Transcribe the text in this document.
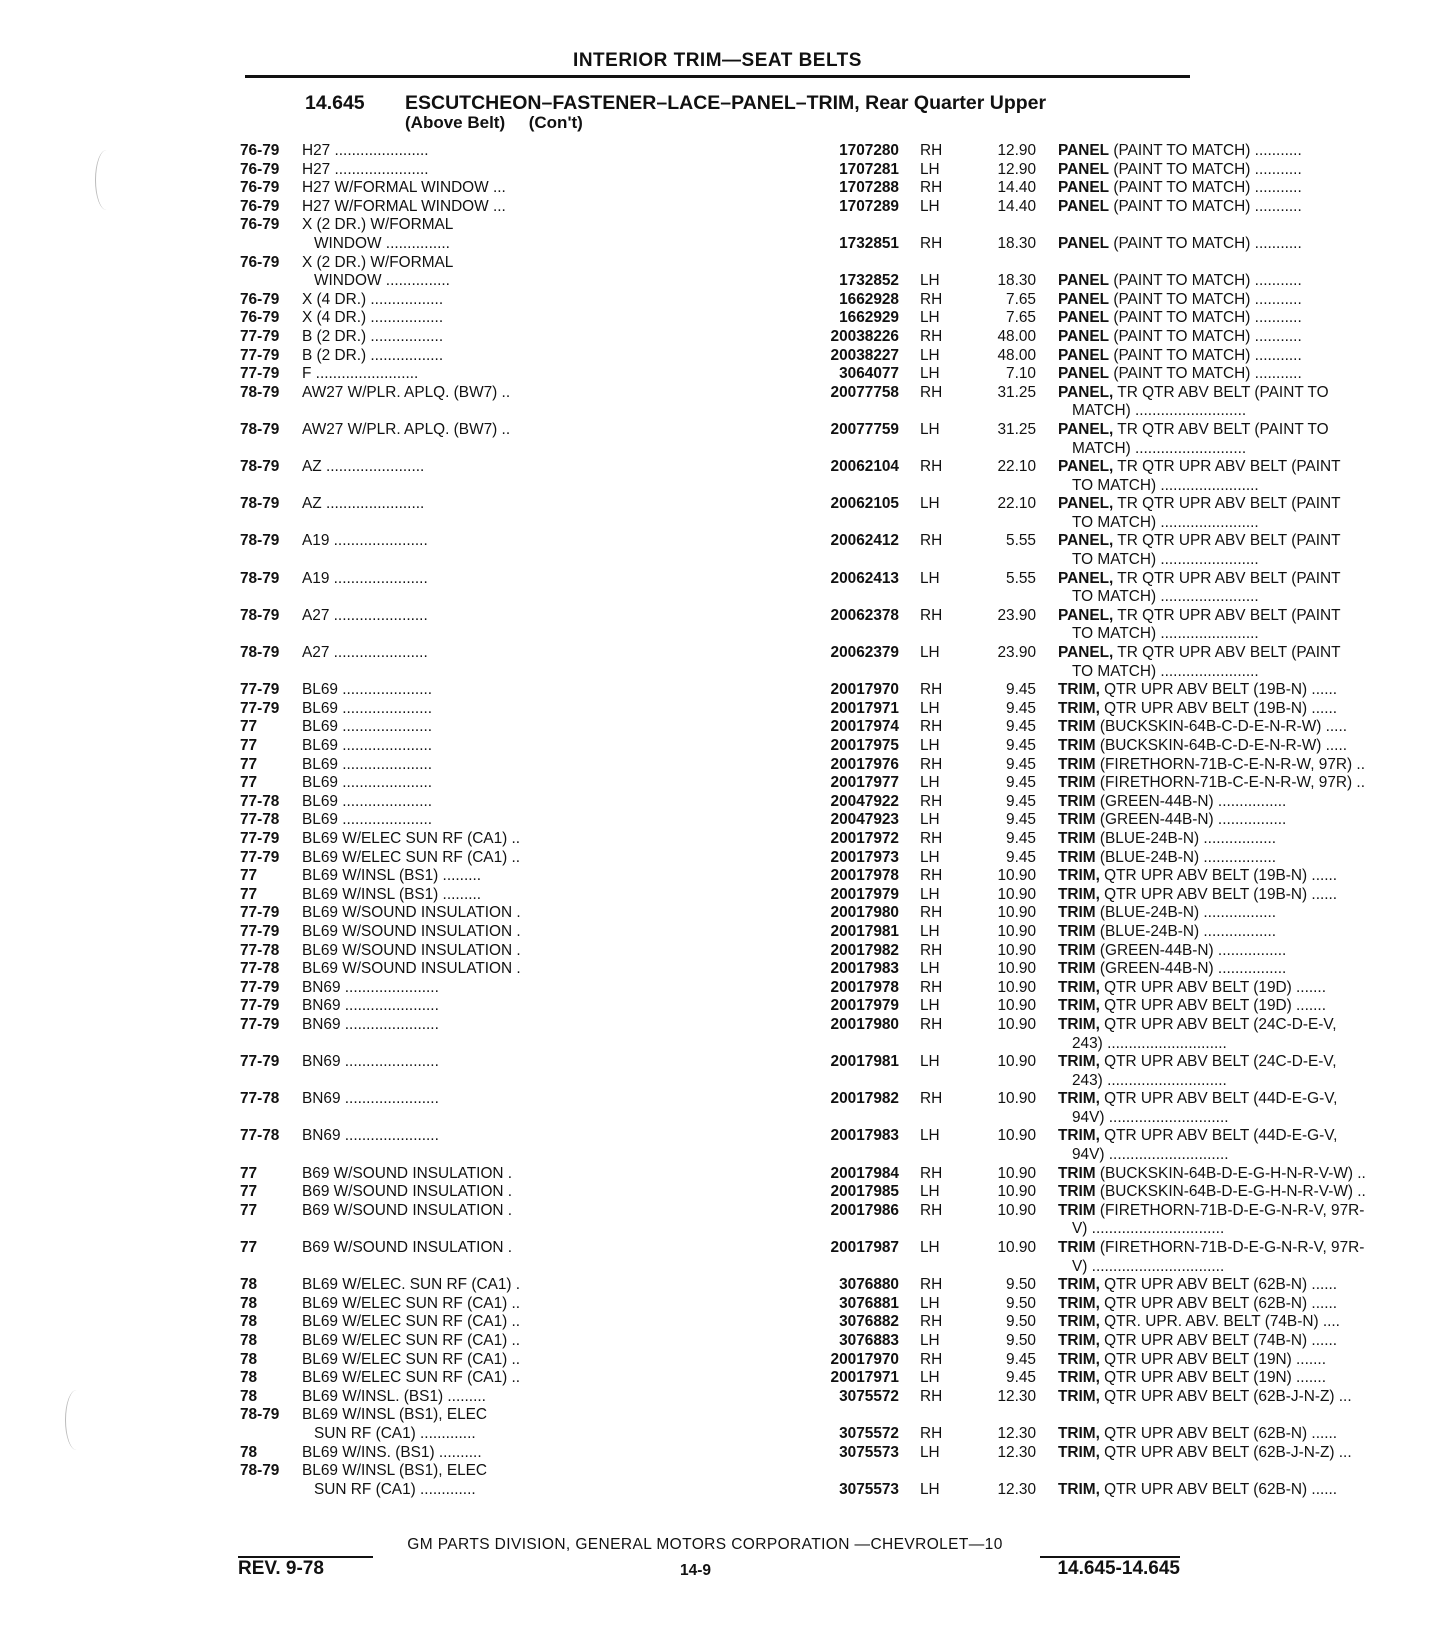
INTERIOR TRIM—SEAT BELTS
14.645 ESCUTCHEON–FASTENER–LACE–PANEL–TRIM, Rear Quarter Upper
(Above Belt)     (Con't)
76-79	H27 ......................	1707280 RH	12.90 PANEL (PAINT TO MATCH) ...........
76-79	H27 ......................	1707281 LH	12.90 PANEL (PAINT TO MATCH) ...........
76-79	H27 W/FORMAL WINDOW ...	1707288 RH	14.40 PANEL (PAINT TO MATCH) ...........
76-79	H27 W/FORMAL WINDOW ...	1707289 LH	14.40 PANEL (PAINT TO MATCH) ...........
76-79	X (2 DR.) W/FORMAL
WINDOW ...............	1732851 RH	18.30 PANEL (PAINT TO MATCH) ...........
76-79	X (2 DR.) W/FORMAL
WINDOW ...............	1732852 LH	18.30 PANEL (PAINT TO MATCH) ...........
76-79	X (4 DR.) .................	1662928 RH	7.65 PANEL (PAINT TO MATCH) ...........
76-79	X (4 DR.) .................	1662929 LH	7.65 PANEL (PAINT TO MATCH) ...........
77-79	B (2 DR.) .................	20038226 RH	48.00 PANEL (PAINT TO MATCH) ...........
77-79	B (2 DR.) .................	20038227 LH	48.00 PANEL (PAINT TO MATCH) ...........
77-79	F ........................	3064077 LH	7.10 PANEL (PAINT TO MATCH) ...........
78-79	AW27 W/PLR. APLQ. (BW7) ..	20077758 RH	31.25 PANEL, TR QTR ABV BELT (PAINT TO
MATCH) ..........................
78-79	AW27 W/PLR. APLQ. (BW7) ..	20077759 LH	31.25 PANEL, TR QTR ABV BELT (PAINT TO
MATCH) ..........................
78-79	AZ .......................	20062104 RH	22.10 PANEL, TR QTR UPR ABV BELT (PAINT
TO MATCH) .......................
78-79	AZ .......................	20062105 LH	22.10 PANEL, TR QTR UPR ABV BELT (PAINT
TO MATCH) .......................
78-79	A19 ......................	20062412 RH	5.55 PANEL, TR QTR UPR ABV BELT (PAINT
TO MATCH) .......................
78-79	A19 ......................	20062413 LH	5.55 PANEL, TR QTR UPR ABV BELT (PAINT
TO MATCH) .......................
78-79	A27 ......................	20062378 RH	23.90 PANEL, TR QTR UPR ABV BELT (PAINT
TO MATCH) .......................
78-79	A27 ......................	20062379 LH	23.90 PANEL, TR QTR UPR ABV BELT (PAINT
TO MATCH) .......................
77-79	BL69 .....................	20017970 RH	9.45 TRIM, QTR UPR ABV BELT (19B-N) ......
77-79	BL69 .....................	20017971 LH	9.45 TRIM, QTR UPR ABV BELT (19B-N) ......
77	BL69 .....................	20017974 RH	9.45 TRIM (BUCKSKIN-64B-C-D-E-N-R-W) .....
77	BL69 .....................	20017975 LH	9.45 TRIM (BUCKSKIN-64B-C-D-E-N-R-W) .....
77	BL69 .....................	20017976 RH	9.45 TRIM (FIRETHORN-71B-C-E-N-R-W, 97R) ..
77	BL69 .....................	20017977 LH	9.45 TRIM (FIRETHORN-71B-C-E-N-R-W, 97R) ..
77-78	BL69 .....................	20047922 RH	9.45 TRIM (GREEN-44B-N) ................
77-78	BL69 .....................	20047923 LH	9.45 TRIM (GREEN-44B-N) ................
77-79	BL69 W/ELEC SUN RF (CA1) ..	20017972 RH	9.45 TRIM (BLUE-24B-N) .................
77-79	BL69 W/ELEC SUN RF (CA1) ..	20017973 LH	9.45 TRIM (BLUE-24B-N) .................
77	BL69 W/INSL (BS1) .........	20017978 RH	10.90 TRIM, QTR UPR ABV BELT (19B-N) ......
77	BL69 W/INSL (BS1) .........	20017979 LH	10.90 TRIM, QTR UPR ABV BELT (19B-N) ......
77-79	BL69 W/SOUND INSULATION .	20017980 RH	10.90 TRIM (BLUE-24B-N) .................
77-79	BL69 W/SOUND INSULATION .	20017981 LH	10.90 TRIM (BLUE-24B-N) .................
77-78	BL69 W/SOUND INSULATION .	20017982 RH	10.90 TRIM (GREEN-44B-N) ................
77-78	BL69 W/SOUND INSULATION .	20017983 LH	10.90 TRIM (GREEN-44B-N) ................
77-79	BN69 ......................	20017978 RH	10.90 TRIM, QTR UPR ABV BELT (19D) .......
77-79	BN69 ......................	20017979 LH	10.90 TRIM, QTR UPR ABV BELT (19D) .......
77-79	BN69 ......................	20017980 RH	10.90 TRIM, QTR UPR ABV BELT (24C-D-E-V,
243) ............................
77-79	BN69 ......................	20017981 LH	10.90 TRIM, QTR UPR ABV BELT (24C-D-E-V,
243) ............................
77-78	BN69 ......................	20017982 RH	10.90 TRIM, QTR UPR ABV BELT (44D-E-G-V,
94V) ............................
77-78	BN69 ......................	20017983 LH	10.90 TRIM, QTR UPR ABV BELT (44D-E-G-V,
94V) ............................
77	B69 W/SOUND INSULATION .	20017984 RH	10.90 TRIM (BUCKSKIN-64B-D-E-G-H-N-R-V-W) ..
77	B69 W/SOUND INSULATION .	20017985 LH	10.90 TRIM (BUCKSKIN-64B-D-E-G-H-N-R-V-W) ..
77	B69 W/SOUND INSULATION .	20017986 RH	10.90 TRIM (FIRETHORN-71B-D-E-G-N-R-V, 97R-
V) ...............................
77	B69 W/SOUND INSULATION .	20017987 LH	10.90 TRIM (FIRETHORN-71B-D-E-G-N-R-V, 97R-
V) ...............................
78	BL69 W/ELEC. SUN RF (CA1) .	3076880 RH	9.50 TRIM, QTR UPR ABV BELT (62B-N) ......
78	BL69 W/ELEC SUN RF (CA1) ..	3076881 LH	9.50 TRIM, QTR UPR ABV BELT (62B-N) ......
78	BL69 W/ELEC SUN RF (CA1) ..	3076882 RH	9.50 TRIM, QTR. UPR. ABV. BELT (74B-N) ....
78	BL69 W/ELEC SUN RF (CA1) ..	3076883 LH	9.50 TRIM, QTR UPR ABV BELT (74B-N) ......
78	BL69 W/ELEC SUN RF (CA1) ..	20017970 RH	9.45 TRIM, QTR UPR ABV BELT (19N) .......
78	BL69 W/ELEC SUN RF (CA1) ..	20017971 LH	9.45 TRIM, QTR UPR ABV BELT (19N) .......
78	BL69 W/INSL. (BS1) .........	3075572 RH	12.30 TRIM, QTR UPR ABV BELT (62B-J-N-Z) ...
78-79	BL69 W/INSL (BS1), ELEC
SUN RF (CA1) .............	3075572 RH	12.30 TRIM, QTR UPR ABV BELT (62B-N) ......
78	BL69 W/INS. (BS1) ..........	3075573 LH	12.30 TRIM, QTR UPR ABV BELT (62B-J-N-Z) ...
78-79	BL69 W/INSL (BS1), ELEC
SUN RF (CA1) .............	3075573 LH	12.30 TRIM, QTR UPR ABV BELT (62B-N) ......
GM PARTS DIVISION, GENERAL MOTORS CORPORATION —CHEVROLET—10
REV. 9-78	14-9	14.645-14.645
